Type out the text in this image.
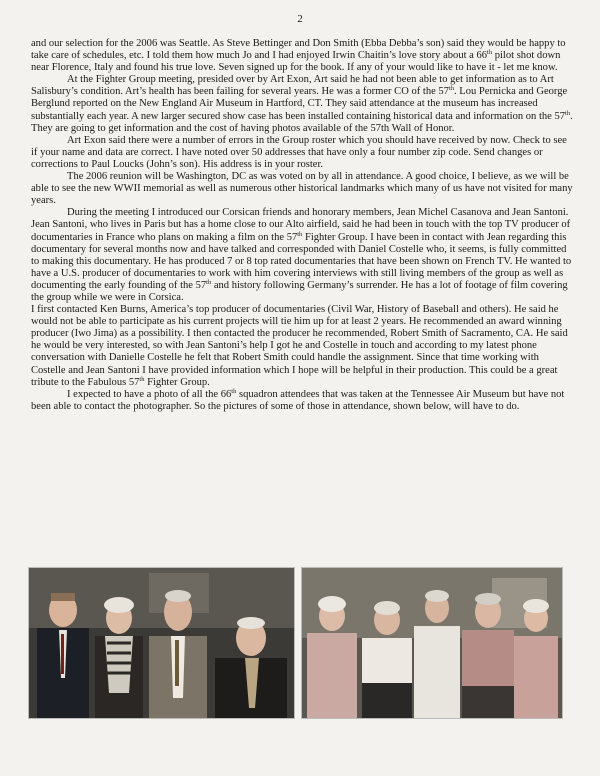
2

and our selection for the 2006 was Seattle. As Steve Bettinger and Don Smith (Ebba Debba’s son) said they would be happy to take care of schedules, etc. I told them how much Jo and I had enjoyed Irwin Chaitin’s love story about a 66th pilot shot down near Florence, Italy and found his true love. Seven signed up for the book. If any of your would like to have it - let me know.

At the Fighter Group meeting, presided over by Art Exon, Art said he had not been able to get information as to Art Salisbury’s condition. Art’s health has been failing for several years. He was a former CO of the 57th. Lou Pernicka and George Berglund reported on the New England Air Museum in Hartford, CT. They said attendance at the museum has increased substantially each year. A new larger secured show case has been installed containing historical data and information on the 57th. They are going to get information and the cost of having photos available of the 57th Wall of Honor.

Art Exon said there were a number of errors in the Group roster which you should have received by now. Check to see if your name and data are correct. I have noted over 50 addresses that have only a four number zip code. Send changes or corrections to Paul Loucks (John’s son). His address is in your roster.

The 2006 reunion will be Washington, DC as was voted on by all in attendance. A good choice, I believe, as we will be able to see the new WWII memorial as well as numerous other historical landmarks which many of us have not visited for many years.

During the meeting I introduced our Corsican friends and honorary members, Jean Michel Casanova and Jean Santoni. Jean Santoni, who lives in Paris but has a home close to our Alto airfield, said he had been in touch with the top TV producer of documentaries in France who plans on making a film on the 57th Fighter Group. I have been in contact with Jean regarding this documentary for several months now and have talked and corresponded with Daniel Costelle who, it seems, is fully committed to making this documentary. He has produced 7 or 8 top rated documentaries that have been shown on French TV. He wanted to have a U.S. producer of documentaries to work with him covering interviews with still living members of the group as well as documenting the early founding of the 57th and history following Germany’s surrender. He has a lot of footage of film covering the group while we were in Corsica.

I first contacted Ken Burns, America’s top producer of documentaries (Civil War, History of Baseball and others). He said he would not be able to participate as his current projects will tie him up for at least 2 years. He recommended an award winning producer (Iwo Jima) as a possibility. I then contacted the producer he recommended, Robert Smith of Sacramento, CA. He said he would be very interested, so with Jean Santoni’s help I got he and Costelle in touch and according to my latest phone conversation with Danielle Costelle he felt that Robert Smith could handle the assignment. Since that time working with Costelle and Jean Santoni I have provided information which I hope will be helpful in their production. This could be a great tribute to the Fabulous 57th Fighter Group.

I expected to have a photo of all the 66th squadron attendees that was taken at the Tennessee Air Museum but have not been able to contact the photographer. So the pictures of some of those in attendance, shown below, will have to do.
